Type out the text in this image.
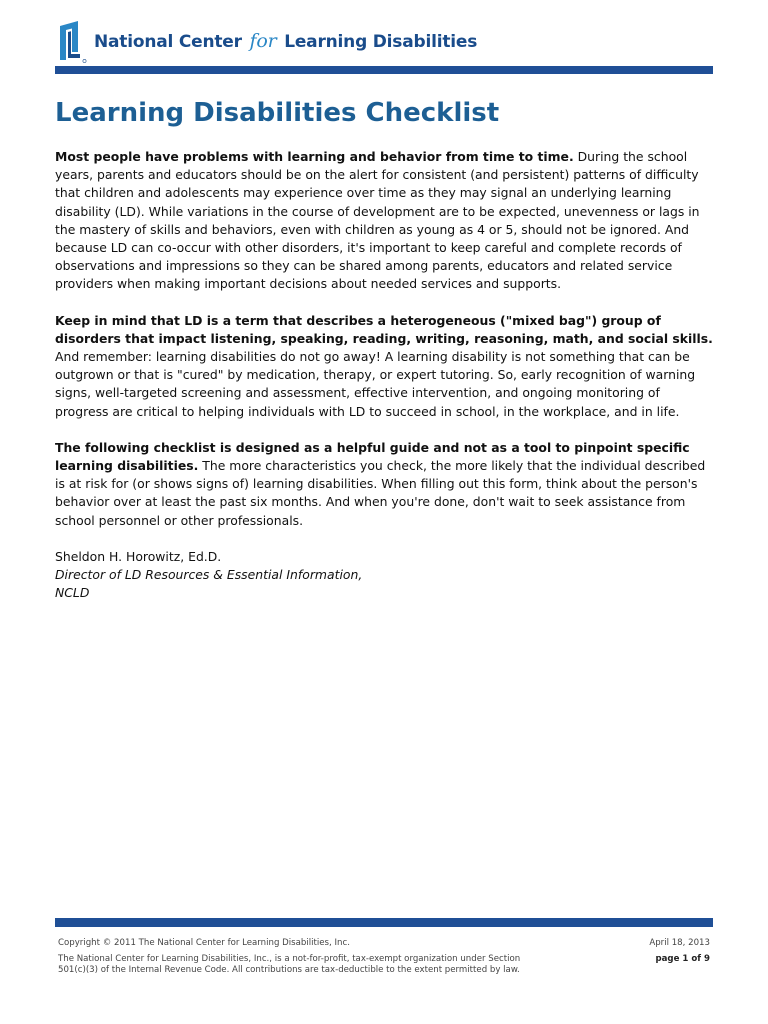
National Center for Learning Disabilities
Learning Disabilities Checklist

Most people have problems with learning and behavior from time to time. During the school years, parents and educators should be on the alert for consistent (and persistent) patterns of difficulty that children and adolescents may experience over time as they may signal an underlying learning disability (LD). While variations in the course of development are to be expected, unevenness or lags in the mastery of skills and behaviors, even with children as young as 4 or 5, should not be ignored. And because LD can co-occur with other disorders, it's important to keep careful and complete records of observations and impressions so they can be shared among parents, educators and related service providers when making important decisions about needed services and supports.

Keep in mind that LD is a term that describes a heterogeneous ("mixed bag") group of disorders that impact listening, speaking, reading, writing, reasoning, math, and social skills. And remember: learning disabilities do not go away! A learning disability is not something that can be outgrown or that is "cured" by medication, therapy, or expert tutoring. So, early recognition of warning signs, well-targeted screening and assessment, effective intervention, and ongoing monitoring of progress are critical to helping individuals with LD to succeed in school, in the workplace, and in life.

The following checklist is designed as a helpful guide and not as a tool to pinpoint specific learning disabilities. The more characteristics you check, the more likely that the individual described is at risk for (or shows signs of) learning disabilities. When filling out this form, think about the person's behavior over at least the past six months. And when you're done, don't wait to seek assistance from school personnel or other professionals.

Sheldon H. Horowitz, Ed.D.
Director of LD Resources & Essential Information,
NCLD
Copyright © 2011 The National Center for Learning Disabilities, Inc.
The National Center for Learning Disabilities, Inc., is a not-for-profit, tax-exempt organization under Section 501(c)(3) of the Internal Revenue Code. All contributions are tax-deductible to the extent permitted by law.
April 18, 2013
page 1 of 9
